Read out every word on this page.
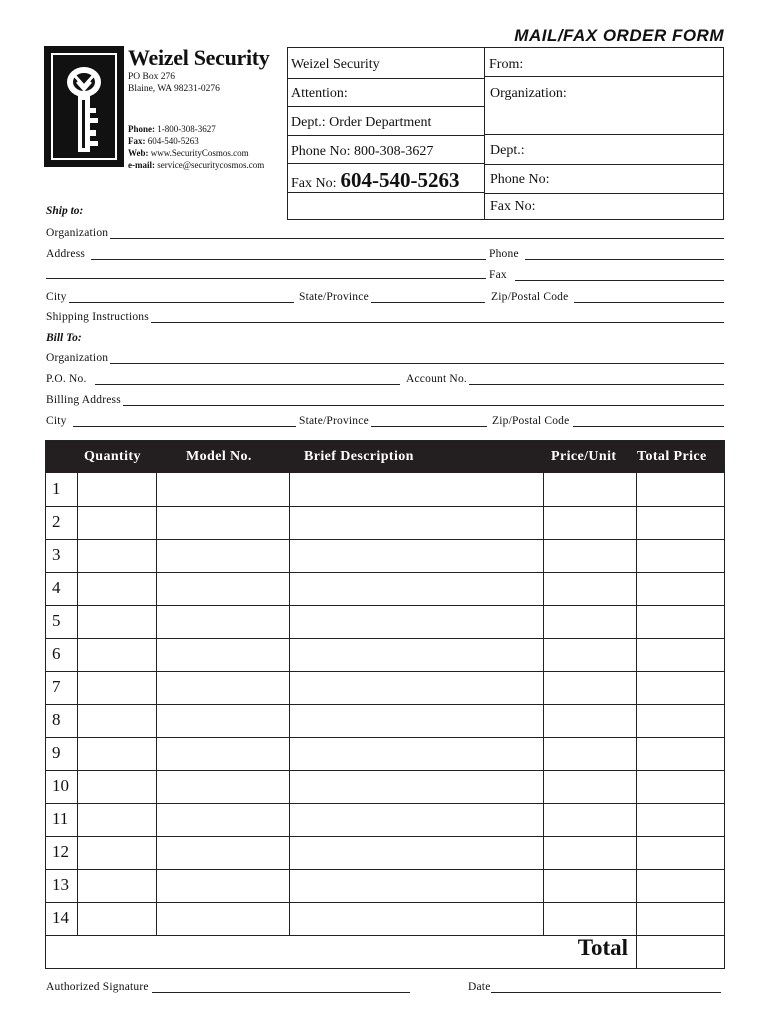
MAIL/FAX ORDER FORM
Weizel Security
PO Box 276
Blaine, WA 98231-0276
Phone: 1-800-308-3627
Fax: 604-540-5263
Web: www.SecurityCosmos.com
e-mail: service@securitycosmos.com
Weizel Security
Attention:
Dept.: Order Department
Phone No: 800-308-3627
Fax No: 604-540-5263
From:
Organization:
Dept.:
Phone No:
Fax No:
Ship to:
Organization
Address	Phone
Fax
City	State/Province	Zip/Postal Code
Shipping Instructions
Bill To:
Organization
P.O. No.	Account No.
Billing Address
City	State/Province	Zip/Postal Code
Quantity	Model No.	Brief Description	Price/Unit Total Price
1
2
3
4
5
6
7
8
9
10
11
12
13
14
Total
Authorized Signature	Date
